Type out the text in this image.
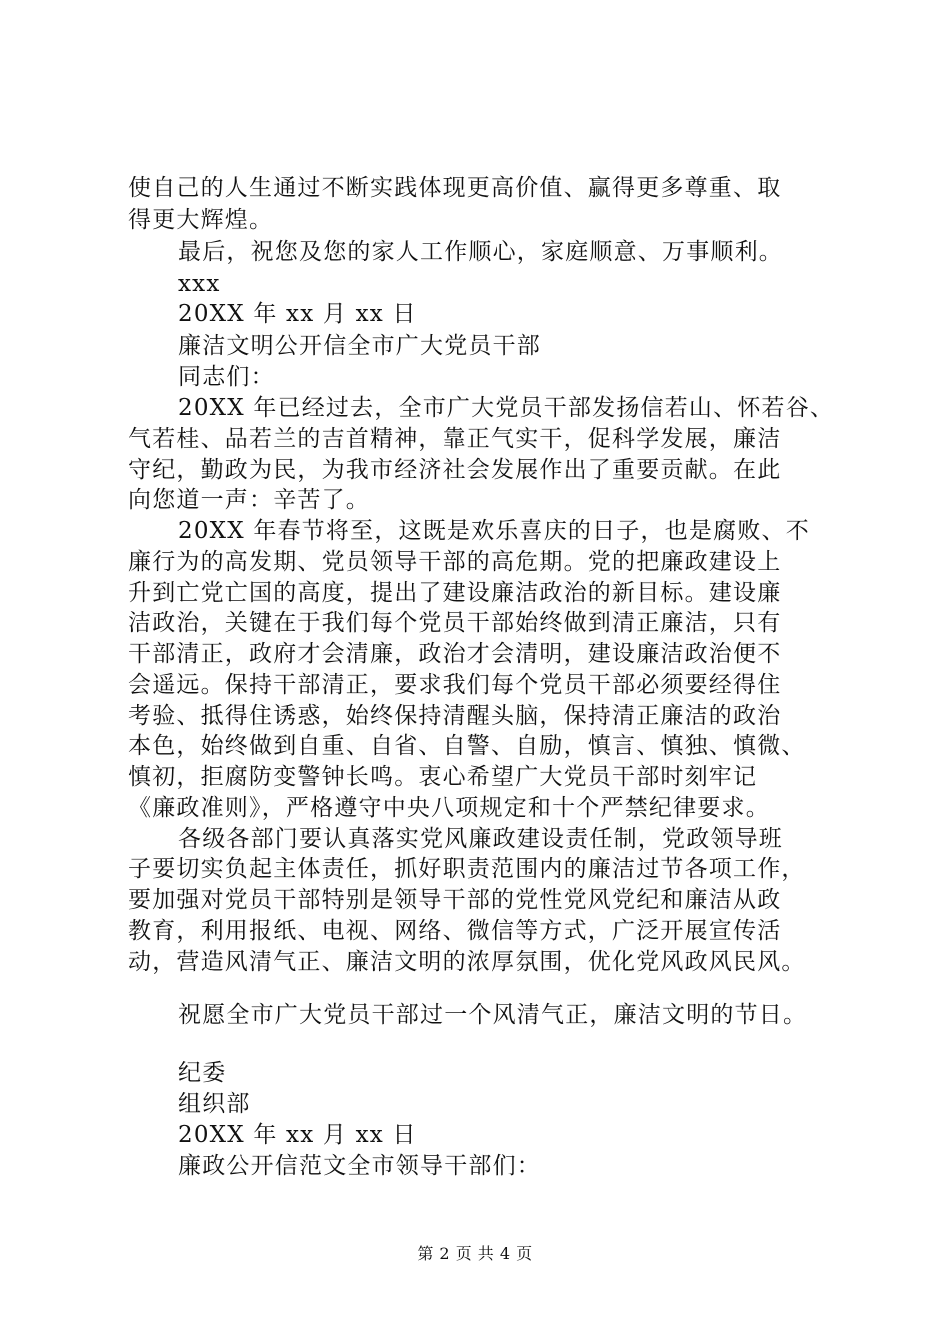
使自己的人生通过不断实践体现更高价值、赢得更多尊重、取
得更大辉煌。
最后，祝您及您的家人工作顺心，家庭顺意、万事顺利。
xxx
20XX 年 xx 月 xx 日
廉洁文明公开信全市广大党员干部
同志们：
20XX 年已经过去，全市广大党员干部发扬信若山、怀若谷、
气若桂、品若兰的吉首精神，靠正气实干，促科学发展，廉洁
守纪，勤政为民，为我市经济社会发展作出了重要贡献。在此
向您道一声：辛苦了。
20XX 年春节将至，这既是欢乐喜庆的日子，也是腐败、不
廉行为的高发期、党员领导干部的高危期。党的把廉政建设上
升到亡党亡国的高度，提出了建设廉洁政治的新目标。建设廉
洁政治，关键在于我们每个党员干部始终做到清正廉洁，只有
干部清正，政府才会清廉，政治才会清明，建设廉洁政治便不
会遥远。保持干部清正，要求我们每个党员干部必须要经得住
考验、抵得住诱惑，始终保持清醒头脑，保持清正廉洁的政治
本色，始终做到自重、自省、自警、自励，慎言、慎独、慎微、
慎初，拒腐防变警钟长鸣。衷心希望广大党员干部时刻牢记
《廉政准则》，严格遵守中央八项规定和十个严禁纪律要求。
各级各部门要认真落实党风廉政建设责任制，党政领导班
子要切实负起主体责任，抓好职责范围内的廉洁过节各项工作，
要加强对党员干部特别是领导干部的党性党风党纪和廉洁从政
教育，利用报纸、电视、网络、微信等方式，广泛开展宣传活
动，营造风清气正、廉洁文明的浓厚氛围，优化党风政风民风。
祝愿全市广大党员干部过一个风清气正，廉洁文明的节日。
纪委
组织部
20XX 年 xx 月 xx 日
廉政公开信范文全市领导干部们：
第 2 页 共 4 页
